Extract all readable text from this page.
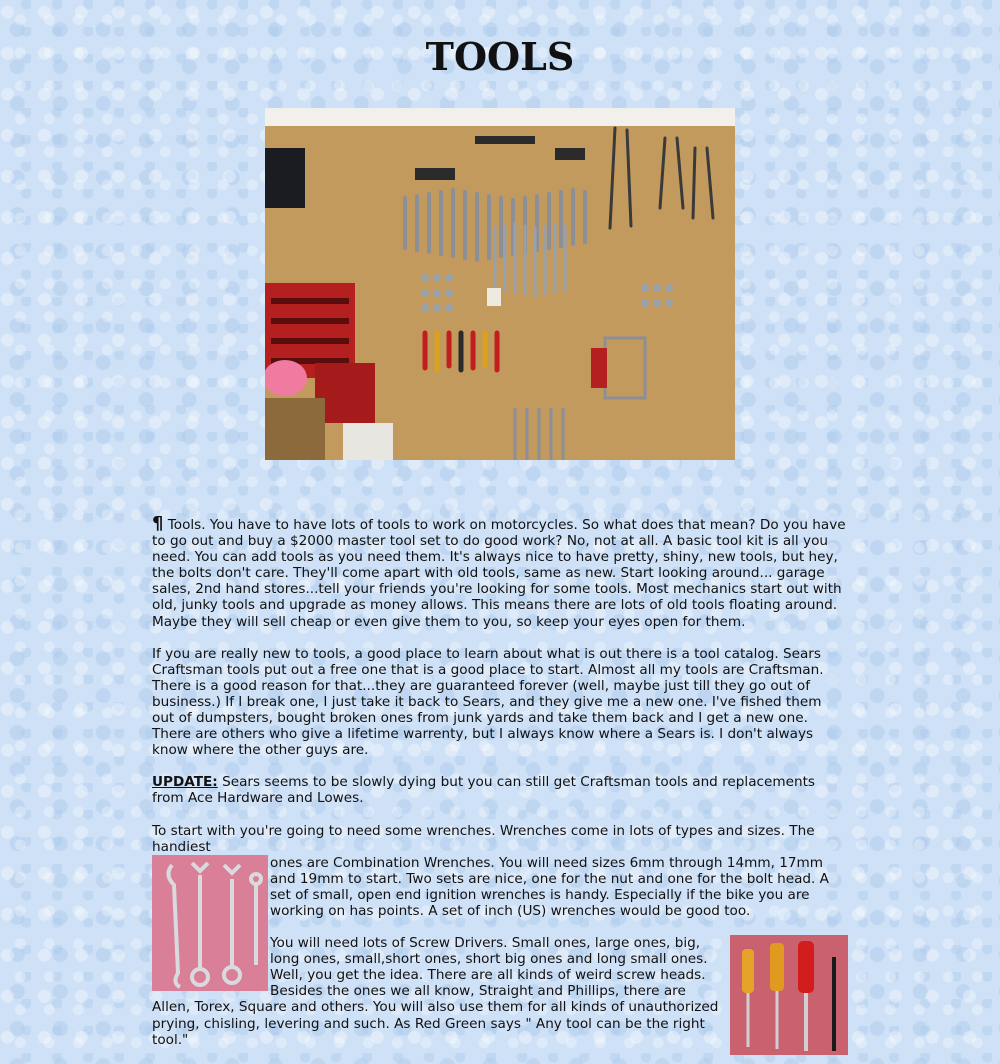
TOOLS

¶ Tools. You have to have lots of tools to work on motorcycles. So what does that mean? Do you have to go out and buy a $2000 master tool set to do good work? No, not at all. A basic tool kit is all you need. You can add tools as you need them. It's always nice to have pretty, shiny, new tools, but hey, the bolts don't care. They'll come apart with old tools, same as new. Start looking around... garage sales, 2nd hand stores...tell your friends you're looking for some tools. Most mechanics start out with old, junky tools and upgrade as money allows. This means there are lots of old tools floating around. Maybe they will sell cheap or even give them to you, so keep your eyes open for them.

If you are really new to tools, a good place to learn about what is out there is a tool catalog. Sears Craftsman tools put out a free one that is a good place to start. Almost all my tools are Craftsman. There is a good reason for that...they are guaranteed forever (well, maybe just till they go out of business.) If I break one, I just take it back to Sears, and they give me a new one. I've fished them out of dumpsters, bought broken ones from junk yards and take them back and I get a new one. There are others who give a lifetime warrenty, but I always know where a Sears is. I don't always know where the other guys are.

UPDATE: Sears seems to be slowly dying but you can still get Craftsman tools and replacements from Ace Hardware and Lowes.

To start with you're going to need some wrenches. Wrenches come in lots of types and sizes. The handiest

ones are Combination Wrenches. You will need sizes 6mm through 14mm, 17mm and 19mm to start. Two sets are nice, one for the nut and one for the bolt head. A set of small, open end ignition wrenches is handy. Especially if the bike you are working on has points. A set of inch (US) wrenches would be good too.

You will need lots of Screw Drivers. Small ones, large ones, big, long ones, small,short ones, short big ones and long small ones. Well, you get the idea. There are all kinds of weird screw heads. Besides the ones we all know, Straight and Phillips, there are Allen, Torex, Square and others. You will also use them for all kinds of unauthorized prying, chisling, levering and such. As Red Green says " Any tool can be the right tool."
